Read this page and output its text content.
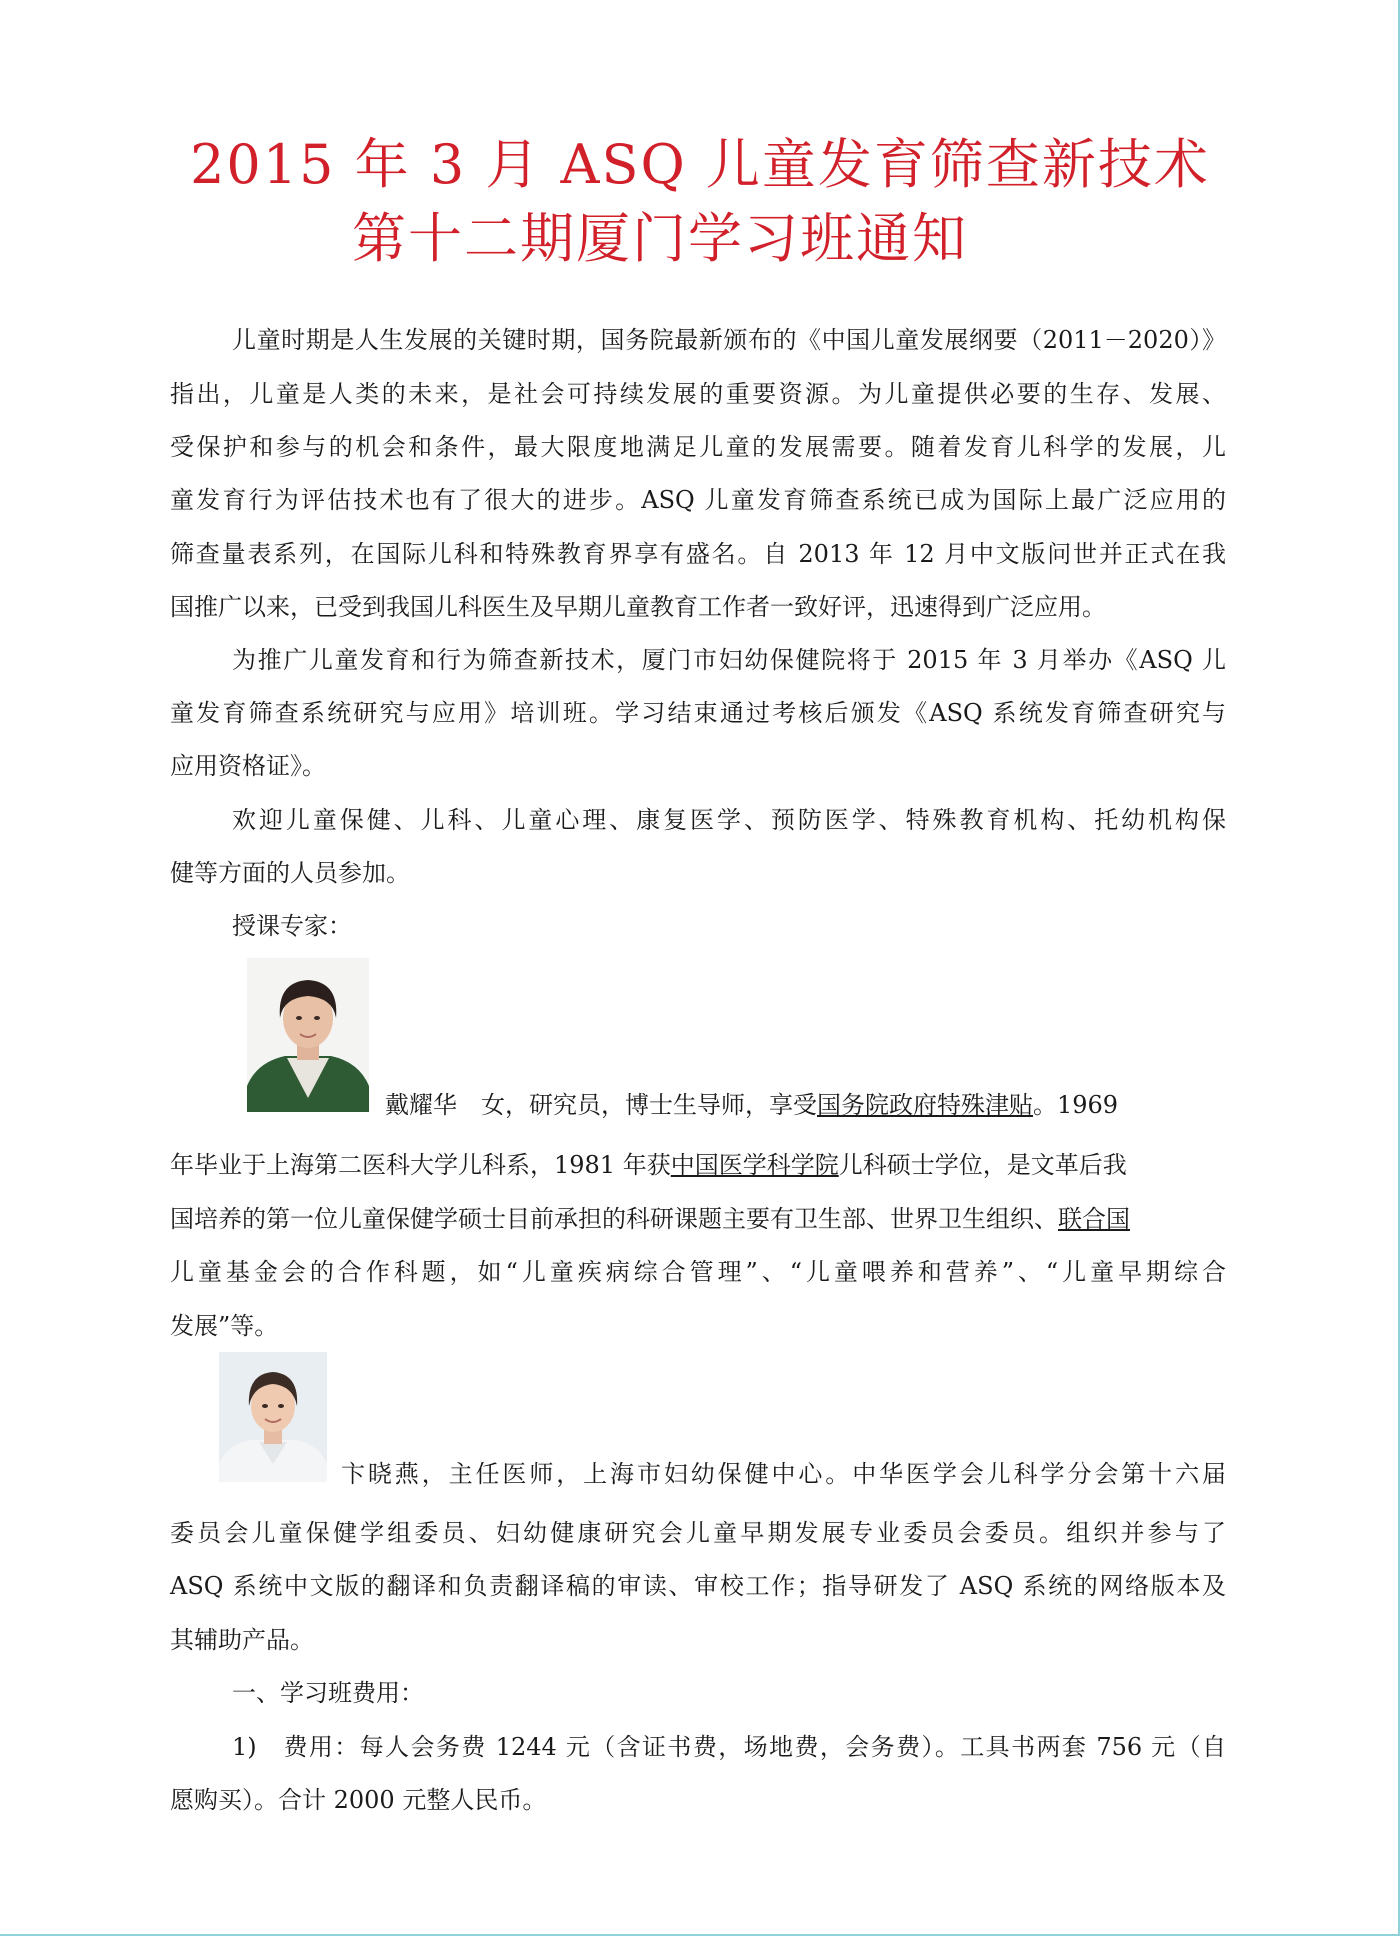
2015 年 3 月 ASQ 儿童发育筛查新技术
第十二期厦门学习班通知
儿童时期是人生发展的关键时期，国务院最新颁布的《中国儿童发展纲要（2011－2020）》
指出，儿童是人类的未来，是社会可持续发展的重要资源。为儿童提供必要的生存、发展、
受保护和参与的机会和条件，最大限度地满足儿童的发展需要。随着发育儿科学的发展，儿
童发育行为评估技术也有了很大的进步。ASQ 儿童发育筛查系统已成为国际上最广泛应用的
筛查量表系列，在国际儿科和特殊教育界享有盛名。自 2013 年 12 月中文版问世并正式在我
国推广以来，已受到我国儿科医生及早期儿童教育工作者一致好评，迅速得到广泛应用。
为推广儿童发育和行为筛查新技术，厦门市妇幼保健院将于 2015 年 3 月举办《ASQ 儿
童发育筛查系统研究与应用》培训班。学习结束通过考核后颁发《ASQ 系统发育筛查研究与
应用资格证》。
欢迎儿童保健、儿科、儿童心理、康复医学、预防医学、特殊教育机构、托幼机构保
健等方面的人员参加。
授课专家：
戴耀华　女，研究员，博士生导师，享受国务院政府特殊津贴。1969
年毕业于上海第二医科大学儿科系，1981 年获中国医学科学院儿科硕士学位，是文革后我
国培养的第一位儿童保健学硕士目前承担的科研课题主要有卫生部、世界卫生组织、联合国
儿童基金会的合作科题，如“儿童疾病综合管理”、“儿童喂养和营养”、“儿童早期综合
发展”等。
卞晓燕，主任医师，上海市妇幼保健中心。中华医学会儿科学分会第十六届
委员会儿童保健学组委员、妇幼健康研究会儿童早期发展专业委员会委员。组织并参与了
ASQ 系统中文版的翻译和负责翻译稿的审读、审校工作；指导研发了 ASQ 系统的网络版本及
其辅助产品。
一、学习班费用：
1)　费用：每人会务费 1244 元（含证书费，场地费，会务费）。工具书两套 756 元（自
愿购买）。合计 2000 元整人民币。
